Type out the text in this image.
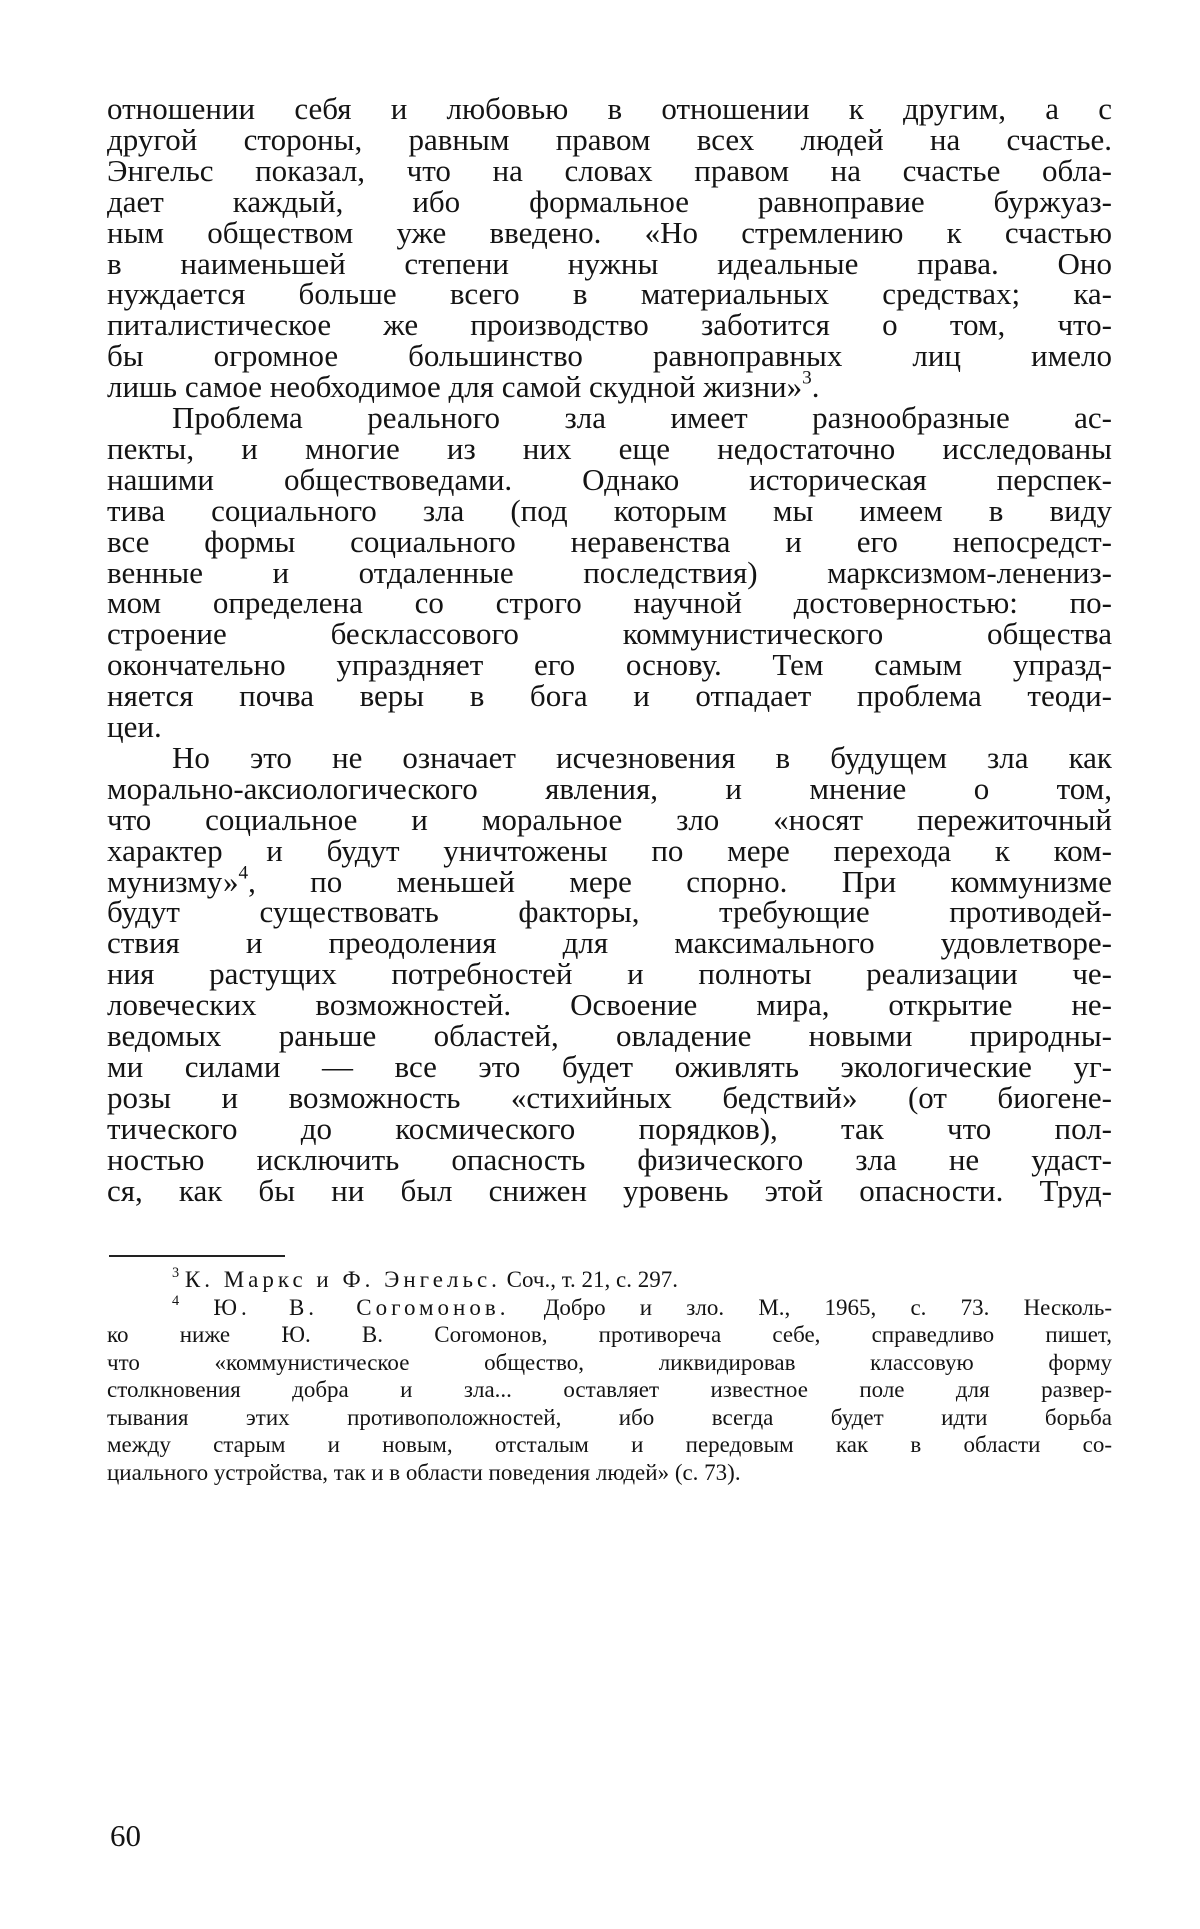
отношении себя и любовью в отношении к другим, а с
другой стороны, равным правом всех людей на счастье.
Энгельс показал, что на словах правом на счастье обла-
дает каждый, ибо формальное равноправие буржуаз-
ным обществом уже введено. «Но стремлению к счастью
в наименьшей степени нужны идеальные права. Оно
нуждается больше всего в материальных средствах; ка-
питалистическое же производство заботится о том, что-
бы огромное большинство равноправных лиц имело
лишь самое необходимое для самой скудной жизни»$^3$.
Проблема реального зла имеет разнообразные ас-
пекты, и многие из них еще недостаточно исследованы
нашими обществоведами. Однако историческая перспек-
тива социального зла (под которым мы имеем в виду
все формы социального неравенства и его непосредст-
венные и отдаленные последствия) марксизмом-ленениз-
мом определена со строго научной достоверностью: по-
строение бесклассового коммунистического общества
окончательно упраздняет его основу. Тем самым упразд-
няется почва веры в бога и отпадает проблема теоди-
цеи.
Но это не означает исчезновения в будущем зла как
морально-аксиологического явления, и мнение о том,
что социальное и моральное зло «носят пережиточный
характер и будут уничтожены по мере перехода к ком-
мунизму»$^4$, по меньшей мере спорно. При коммунизме
будут существовать факторы, требующие противодей-
ствия и преодоления для максимального удовлетворе-
ния растущих потребностей и полноты реализации че-
ловеческих возможностей. Освоение мира, открытие не-
ведомых раньше областей, овладение новыми природны-
ми силами — все это будет оживлять экологические уг-
розы и возможность «стихийных бедствий» (от биогене-
тического до космического порядков), так что пол-
ностью исключить опасность физического зла не удаст-
ся, как бы ни был снижен уровень этой опасности. Труд-
$^3$ К. Маркс и Ф. Энгельс. Соч., т. 21, с. 297.
$^4$ Ю. В. Согомонов. Добро и зло. М., 1965, с. 73. Несколь-
ко ниже Ю. В. Согомонов, противореча себе, справедливо пишет,
что «коммунистическое общество, ликвидировав классовую форму
столкновения добра и зла... оставляет известное поле для развер-
тывания этих противоположностей, ибо всегда будет идти борьба
между старым и новым, отсталым и передовым как в области со-
циального устройства, так и в области поведения людей» (с. 73).
60
